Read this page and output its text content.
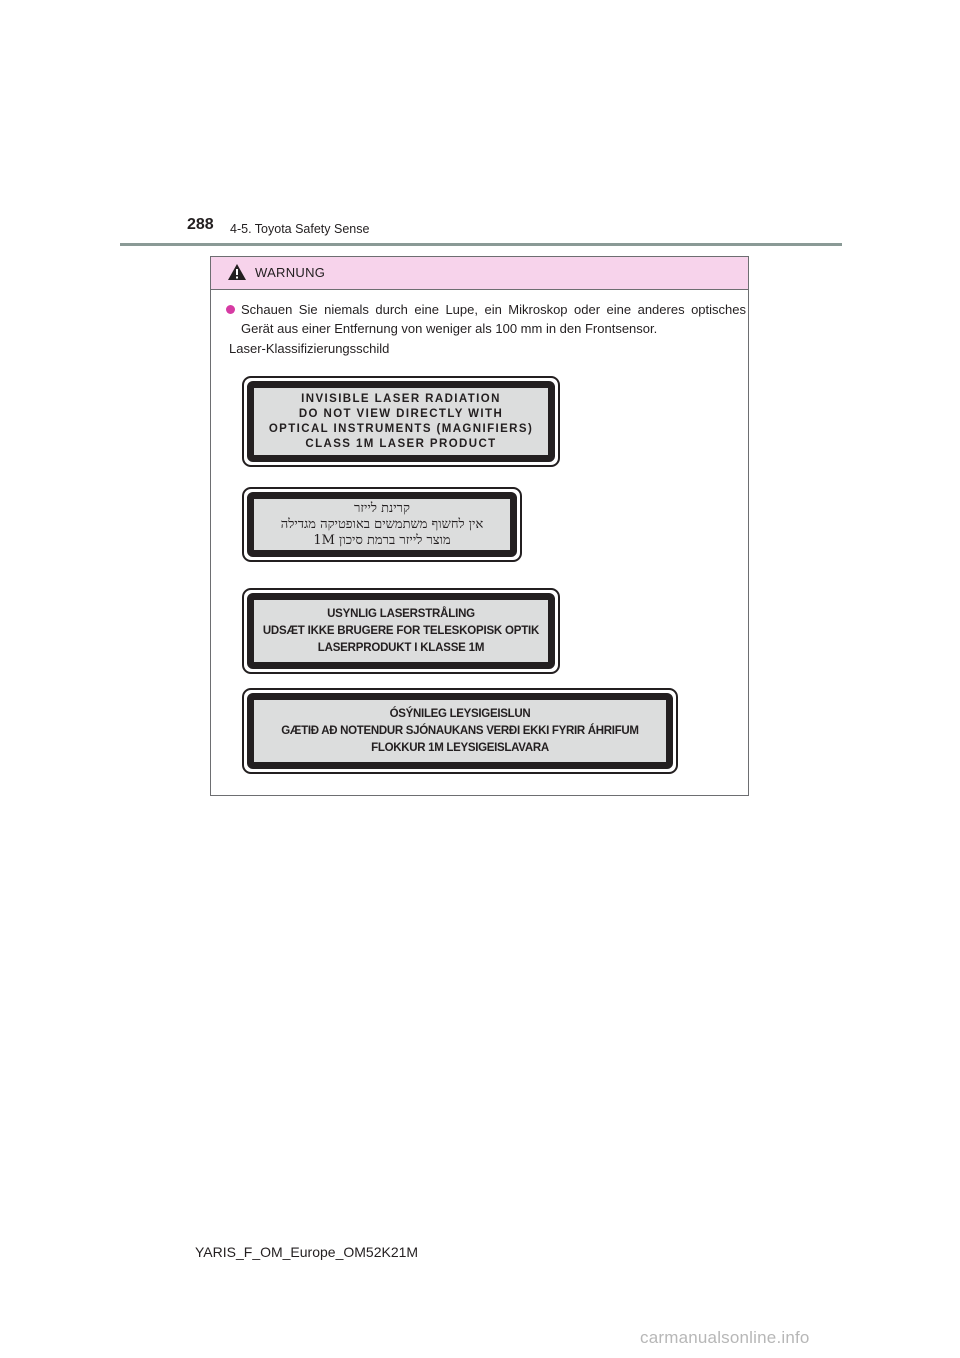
288 4-5. Toyota Safety Sense
WARNUNG
Schauen Sie niemals durch eine Lupe, ein Mikroskop oder eine anderes optisches Gerät aus einer Entfernung von weniger als 100 mm in den Frontsensor.
Laser-Klassifizierungsschild
INVISIBLE LASER RADIATION
DO NOT VIEW DIRECTLY WITH
OPTICAL INSTRUMENTS (MAGNIFIERS)
CLASS 1M LASER PRODUCT
קרינת לייזר
אין לחשוף משתמשים באופטיקה מגדילה
מוצר לייזר ברמת סיכון 1M
USYNLIG LASERSTRÅLING
UDSÆT IKKE BRUGERE FOR TELESKOPISK OPTIK
LASERPRODUKT I KLASSE 1M
ÓSÝNILEG LEYSIGEISLUN
GÆTIÐ AÐ NOTENDUR SJÓNAUKANS VERÐI EKKI FYRIR ÁHRIFUM
FLOKKUR 1M LEYSIGEISLAVARA
YARIS_F_OM_Europe_OM52K21M
carmanualsonline.info
